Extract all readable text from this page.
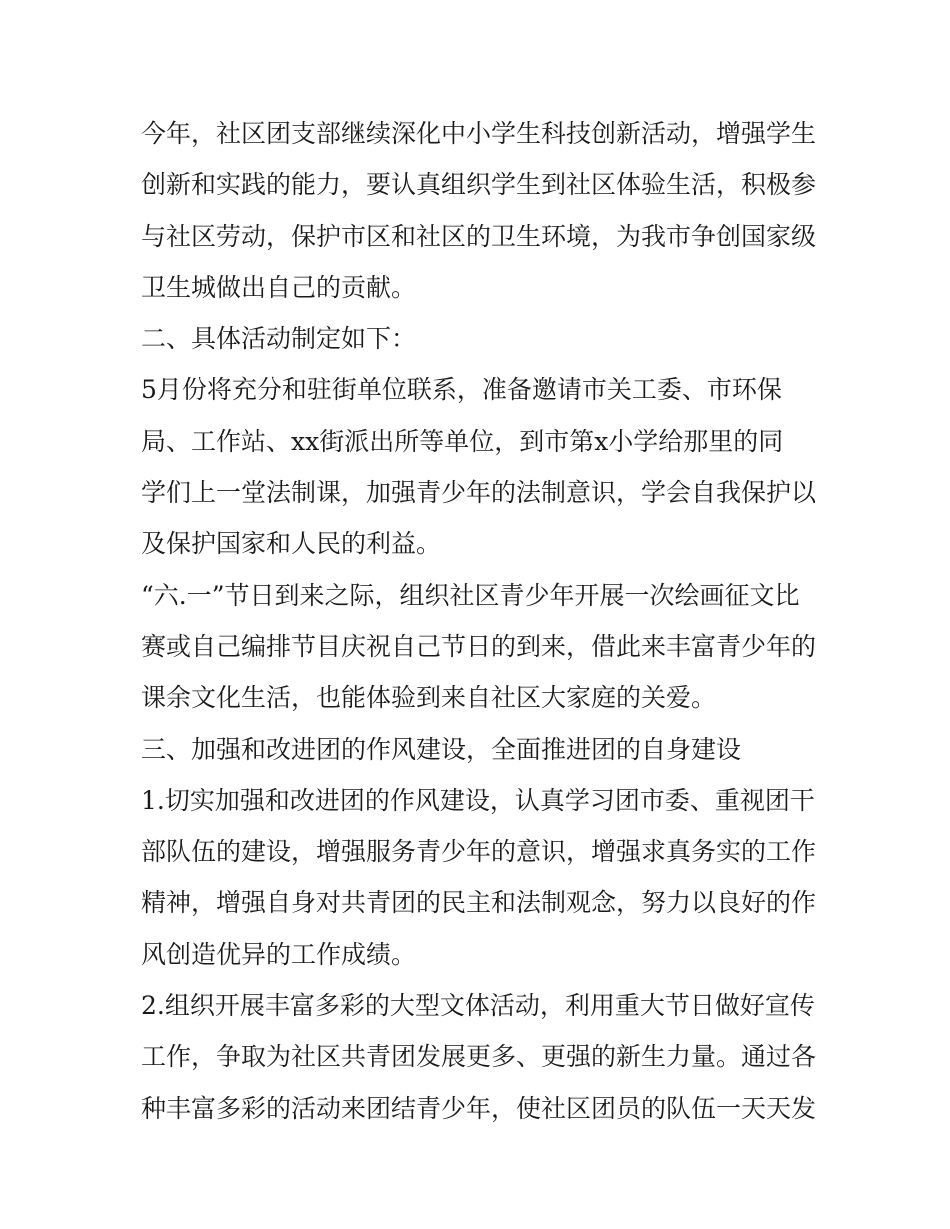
今年，社区团支部继续深化中小学生科技创新活动，增强学生
创新和实践的能力，要认真组织学生到社区体验生活，积极参
与社区劳动，保护市区和社区的卫生环境，为我市争创国家级
卫生城做出自己的贡献。
二、具体活动制定如下：
5月份将充分和驻街单位联系，准备邀请市关工委、市环保
局、工作站、xx街派出所等单位，到市第x小学给那里的同
学们上一堂法制课，加强青少年的法制意识，学会自我保护以
及保护国家和人民的利益。
“六.一”节日到来之际，组织社区青少年开展一次绘画征文比
赛或自己编排节目庆祝自己节日的到来，借此来丰富青少年的
课余文化生活，也能体验到来自社区大家庭的关爱。
三、加强和改进团的作风建设，全面推进团的自身建设
1.切实加强和改进团的作风建设，认真学习团市委、重视团干
部队伍的建设，增强服务青少年的意识，增强求真务实的工作
精神，增强自身对共青团的民主和法制观念，努力以良好的作
风创造优异的工作成绩。
2.组织开展丰富多彩的大型文体活动，利用重大节日做好宣传
工作，争取为社区共青团发展更多、更强的新生力量。通过各
种丰富多彩的活动来团结青少年，使社区团员的队伍一天天发
